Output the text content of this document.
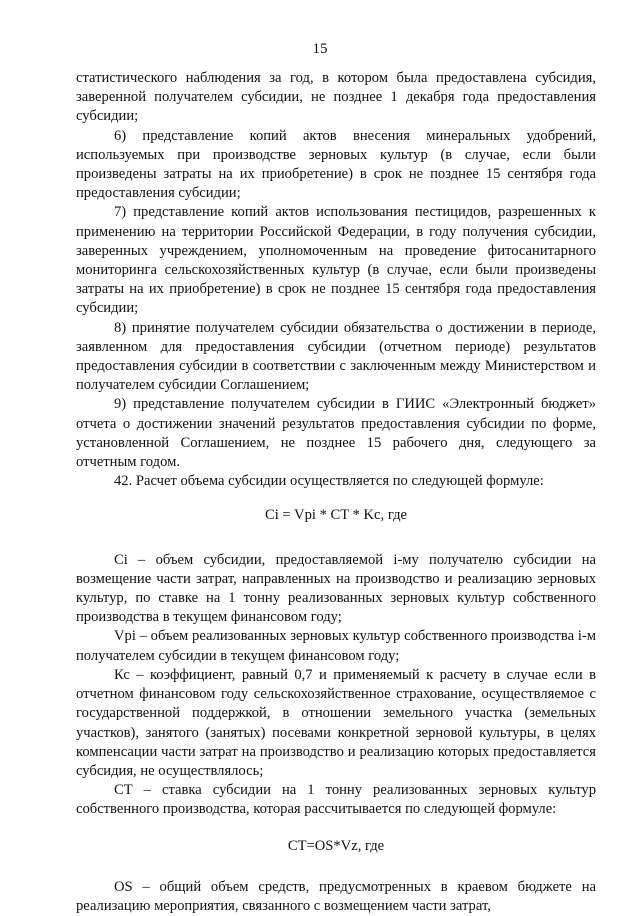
15

статистического наблюдения за год, в котором была предоставлена субсидия, заверенной получателем субсидии, не позднее 1 декабря года предоставления субсидии;

6) представление копий актов внесения минеральных удобрений, используемых при производстве зерновых культур (в случае, если были произведены затраты на их приобретение) в срок не позднее 15 сентября года предоставления субсидии;

7) представление копий актов использования пестицидов, разрешенных к применению на территории Российской Федерации, в году получения субсидии, заверенных учреждением, уполномоченным на проведение фитосанитарного мониторинга сельскохозяйственных культур (в случае, если были произведены затраты на их приобретение) в срок не позднее 15 сентября года предоставления субсидии;

8) принятие получателем субсидии обязательства о достижении в периоде, заявленном для предоставления субсидии (отчетном периоде) результатов предоставления субсидии в соответствии с заключенным между Министерством и получателем субсидии Соглашением;

9) представление получателем субсидии в ГИИС «Электронный бюджет» отчета о достижении значений результатов предоставления субсидии по форме, установленной Соглашением, не позднее 15 рабочего дня, следующего за отчетным годом.

42. Расчет объема субсидии осуществляется по следующей формуле:

Ci = Vpi * CT * Kc, где

Ci – объем субсидии, предоставляемой i-му получателю субсидии на возмещение части затрат, направленных на производство и реализацию зерновых культур, по ставке на 1 тонну реализованных зерновых культур собственного производства в текущем финансовом году;

Vpi – объем реализованных зерновых культур собственного производства i-м получателем субсидии в текущем финансовом году;

Кс – коэффициент, равный 0,7 и применяемый к расчету в случае если в отчетном финансовом году сельскохозяйственное страхование, осуществляемое с государственной поддержкой, в отношении земельного участка (земельных участков), занятого (занятых) посевами конкретной зерновой культуры, в целях компенсации части затрат на производство и реализацию которых предоставляется субсидия, не осуществлялось;

СТ – ставка субсидии на 1 тонну реализованных зерновых культур собственного производства, которая рассчитывается по следующей формуле:

CT=OS*Vz, где

OS – общий объем средств, предусмотренных в краевом бюджете на реализацию мероприятия, связанного с возмещением части затрат,
